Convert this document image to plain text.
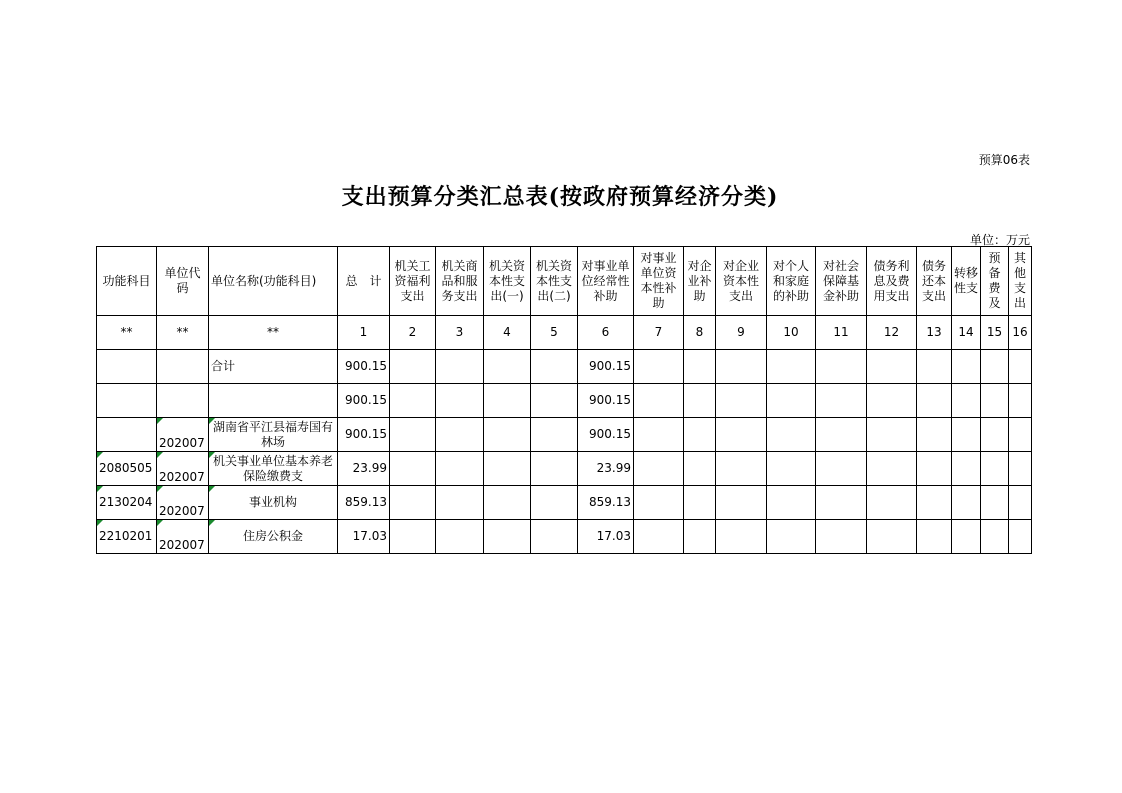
预算06表
支出预算分类汇总表(按政府预算经济分类)
单位：万元
功能科目	单位代码	单位名称(功能科目)	总　计	机关工资福利支出	机关商品和服务支出	机关资本性支出(一)	机关资本性支出(二)	对事业单位经常性补助	对事业单位资本性补助	对企业补助	对企业资本性支出	对个人和家庭的补助	对社会保障基金补助	债务利息及费用支出	债务还本支出	转移性支	预备费及	其他支出
**	**	**	1	2	3	4	5	6	7	8	9	10	11	12	13	14	15	16
		合计	900.15					900.15										
			900.15					900.15										
	202007	湖南省平江县福寿国有林场	900.15					900.15										
2080505	202007	机关事业单位基本养老保险缴费支	23.99					23.99										
2130204	202007	事业机构	859.13					859.13										
2210201	202007	住房公积金	17.03					17.03										
